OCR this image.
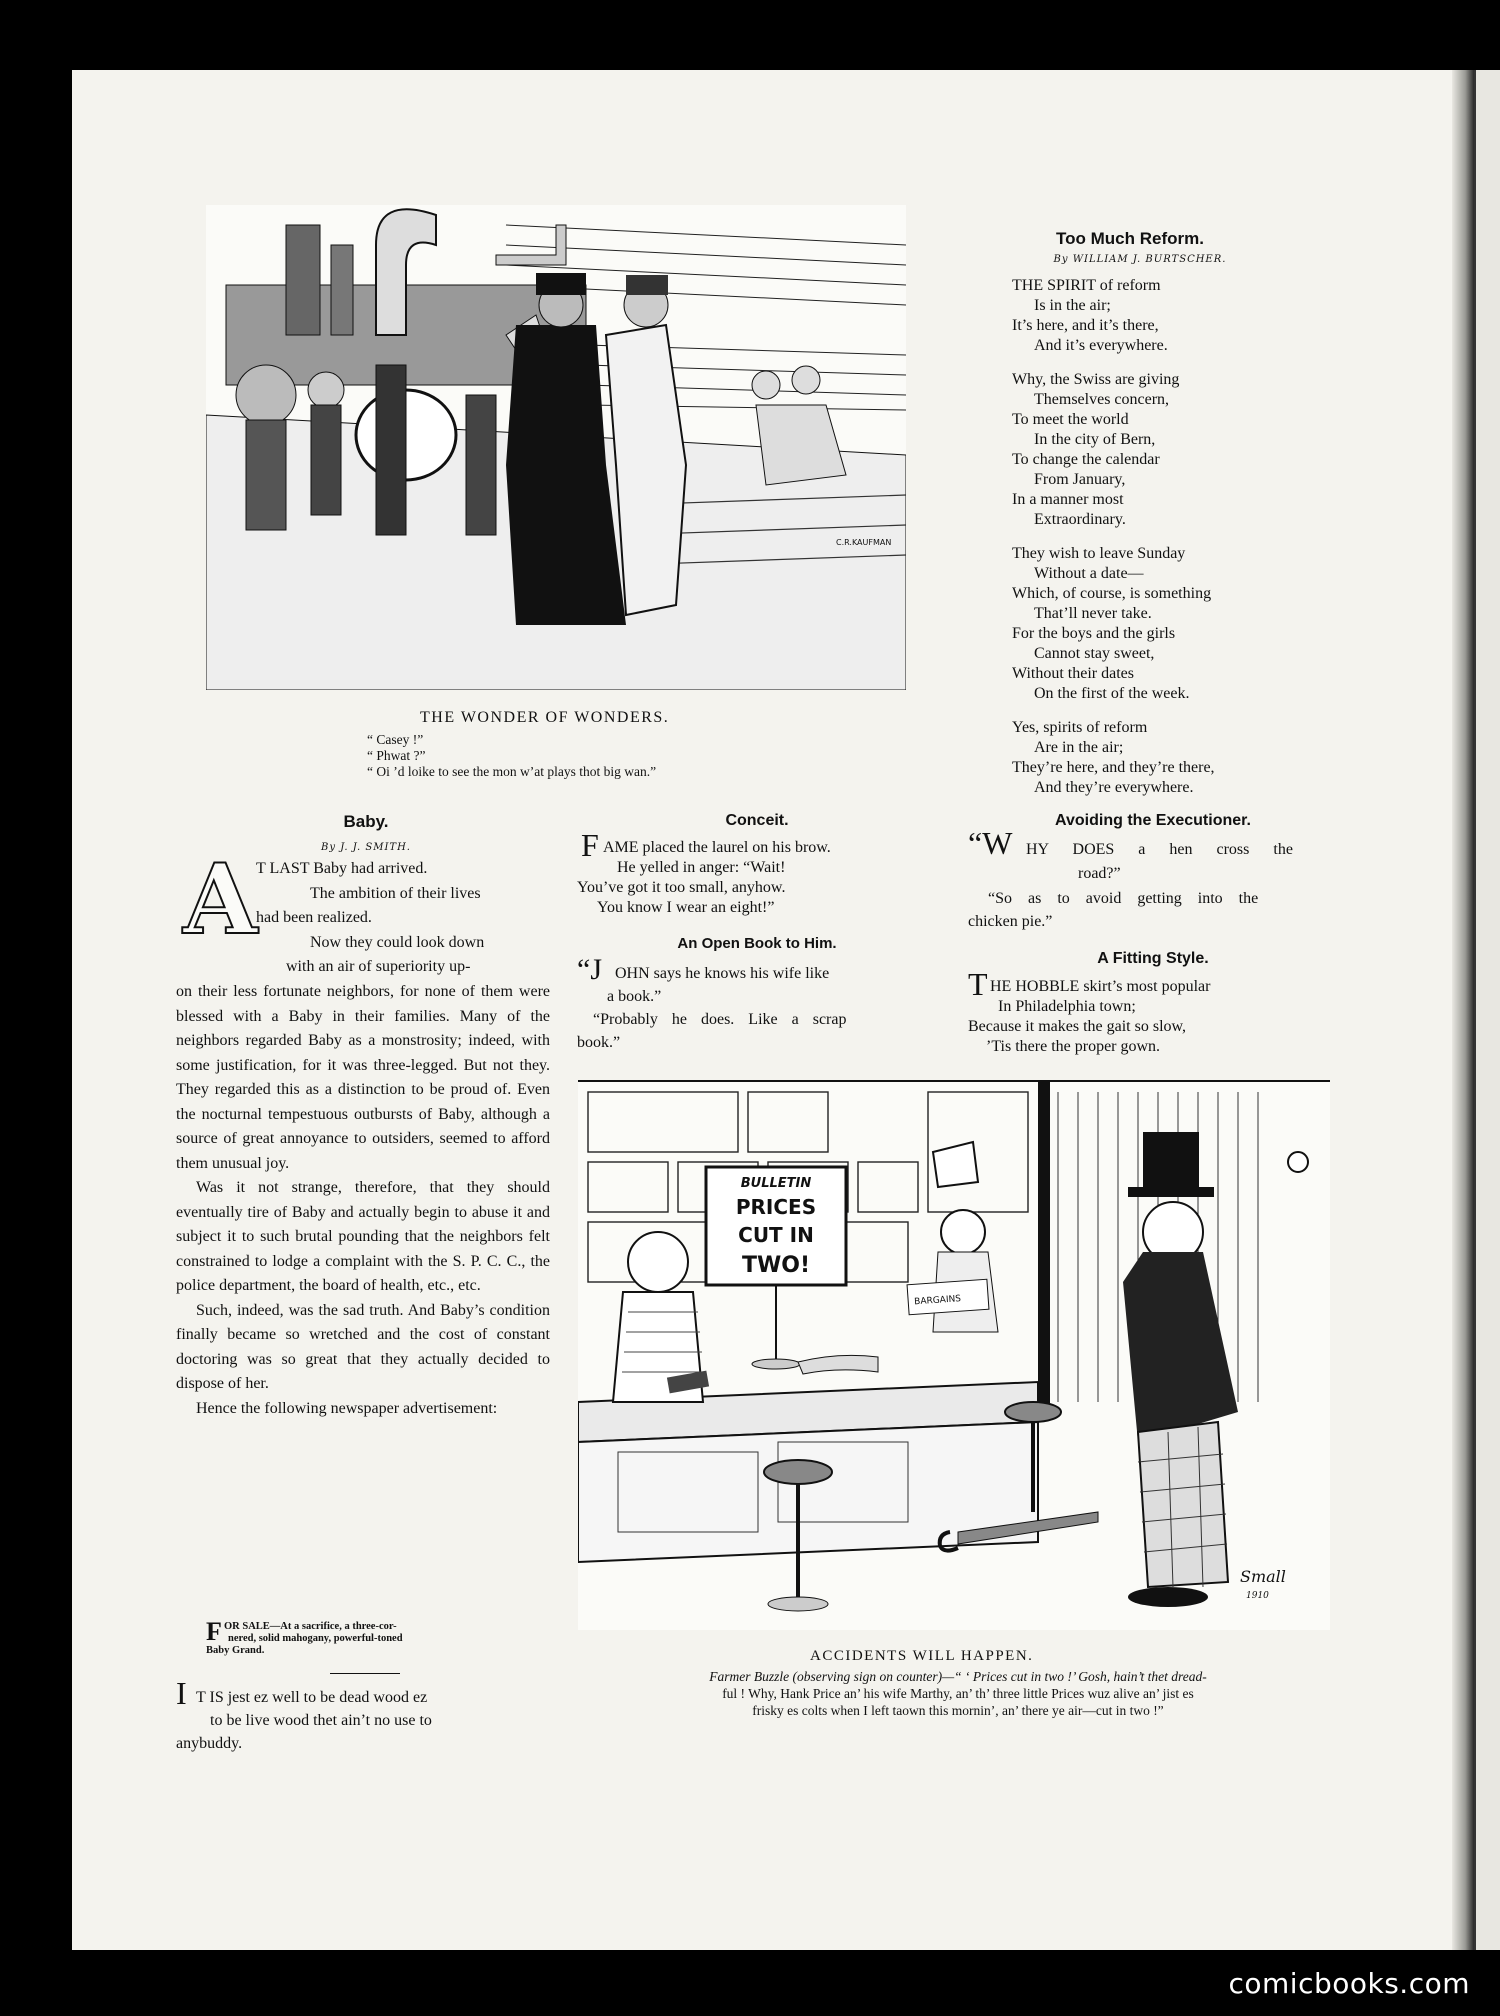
C.R.KAUFMAN
THE WONDER OF WONDERS.
“ Casey !”
“ Phwat ?”
“ Oi ’d loike to see the mon w’at plays thot big wan.”
Too Much Reform.
By WILLIAM J. BURTSCHER.
THE SPIRIT of reform
Is in the air;
It’s here, and it’s there,
And it’s everywhere.
Why, the Swiss are giving
Themselves concern,
To meet the world
In the city of Bern,
To change the calendar
From January,
In a manner most
Extraordinary.
They wish to leave Sunday
Without a date—
Which, of course, is something
That’ll never take.
For the boys and the girls
Cannot stay sweet,
Without their dates
On the first of the week.
Yes, spirits of reform
Are in the air;
They’re here, and they’re there,
And they’re everywhere.
Baby.
By J. J. SMITH.
A
T LAST Baby had arrived.
The ambition of their lives
had been realized.
Now they could look down
with an air of superiority up-

on their less fortunate neighbors, for none of them were blessed with a Baby in their families. Many of the neighbors regarded Baby as a monstrosity; indeed, with some justification, for it was three-legged. But not they. They regarded this as a distinction to be proud of. Even the nocturnal tempestuous outbursts of Baby, although a source of great annoyance to outsiders, seemed to afford them unusual joy.

Was it not strange, therefore, that they should eventually tire of Baby and actually begin to abuse it and subject it to such brutal pounding that the neighbors felt constrained to lodge a complaint with the S. P. C. C., the police department, the board of health, etc., etc.

Such, indeed, was the sad truth. And Baby’s condition finally became so wretched and the cost of constant doctoring was so great that they actually decided to dispose of her.

Hence the following newspaper advertisement:

F OR SALE—At a sacrifice, a three-cor-
nered, solid mahogany, powerful-toned
Baby Grand.
I T IS jest ez well to be dead wood ez
to be live wood thet ain’t no use to
anybuddy.
Conceit.
F AME placed the laurel on his brow.
He yelled in anger: “Wait!
You’ve got it too small, anyhow.
You know I wear an eight!”
An Open Book to Him.
“J OHN says he knows his wife like
a book.”
“Probably he does. Like a scrap
book.”
Avoiding the Executioner.
“W HY DOES a hen cross the
road?”
“So as to avoid getting into the
chicken pie.”
A Fitting Style.
T HE HOBBLE skirt’s most popular
In Philadelphia town;
Because it makes the gait so slow,
’Tis there the proper gown.
BARGAINS
BULLETIN
PRICES
CUT IN
TWO!
Small
1910
ACCIDENTS WILL HAPPEN.
Farmer Buzzle (observing sign on counter)—“ ‘ Prices cut in two !’ Gosh, hain’t thet dread-
ful ! Why, Hank Price an’ his wife Marthy, an’ th’ three little Prices wuz alive an’ jist es
frisky es colts when I left taown this mornin’, an’ there ye air—cut in two !”
comicbooks.com
